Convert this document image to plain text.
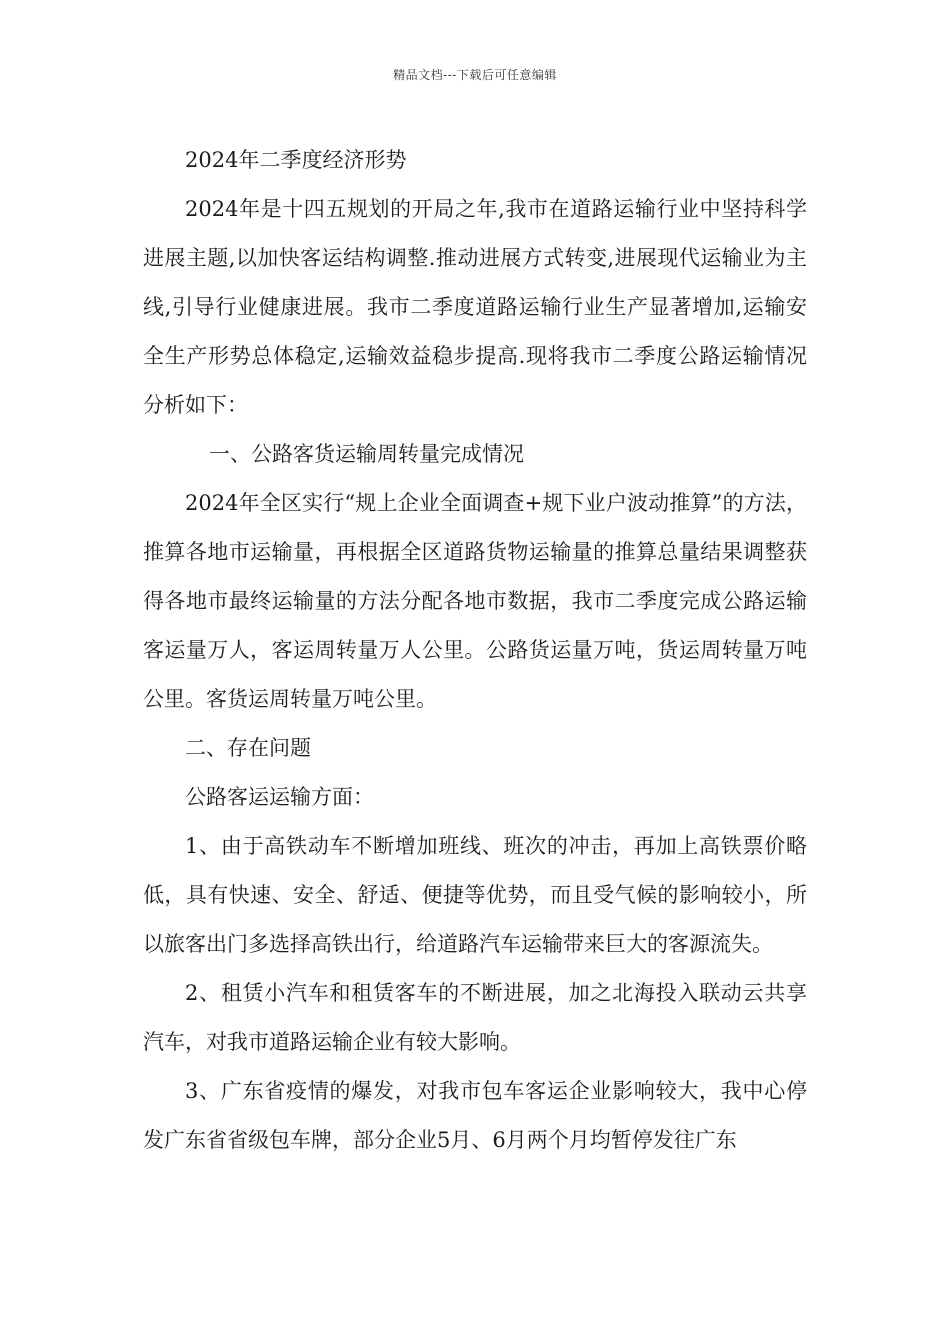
精品文档---下载后可任意编辑

2024年二季度经济形势

2024年是十四五规划的开局之年,我市在道路运输行业中坚持科学进展主题,以加快客运结构调整.推动进展方式转变,进展现代运输业为主线,引导行业健康进展。我市二季度道路运输行业生产显著增加,运输安全生产形势总体稳定,运输效益稳步提高.现将我市二季度公路运输情况分析如下：

一、公路客货运输周转量完成情况

2024年全区实行“规上企业全面调查+规下业户波动推算”的方法，推算各地市运输量，再根据全区道路货物运输量的推算总量结果调整获得各地市最终运输量的方法分配各地市数据，我市二季度完成公路运输客运量万人，客运周转量万人公里。公路货运量万吨，货运周转量万吨公里。客货运周转量万吨公里。

二、存在问题

公路客运运输方面：

1、由于高铁动车不断增加班线、班次的冲击，再加上高铁票价略低，具有快速、安全、舒适、便捷等优势，而且受气候的影响较小，所以旅客出门多选择高铁出行，给道路汽车运输带来巨大的客源流失。

2、租赁小汽车和租赁客车的不断进展，加之北海投入联动云共享汽车，对我市道路运输企业有较大影响。

3、广东省疫情的爆发，对我市包车客运企业影响较大，我中心停发广东省省级包车牌，部分企业5月、6月两个月均暂停发往广东
